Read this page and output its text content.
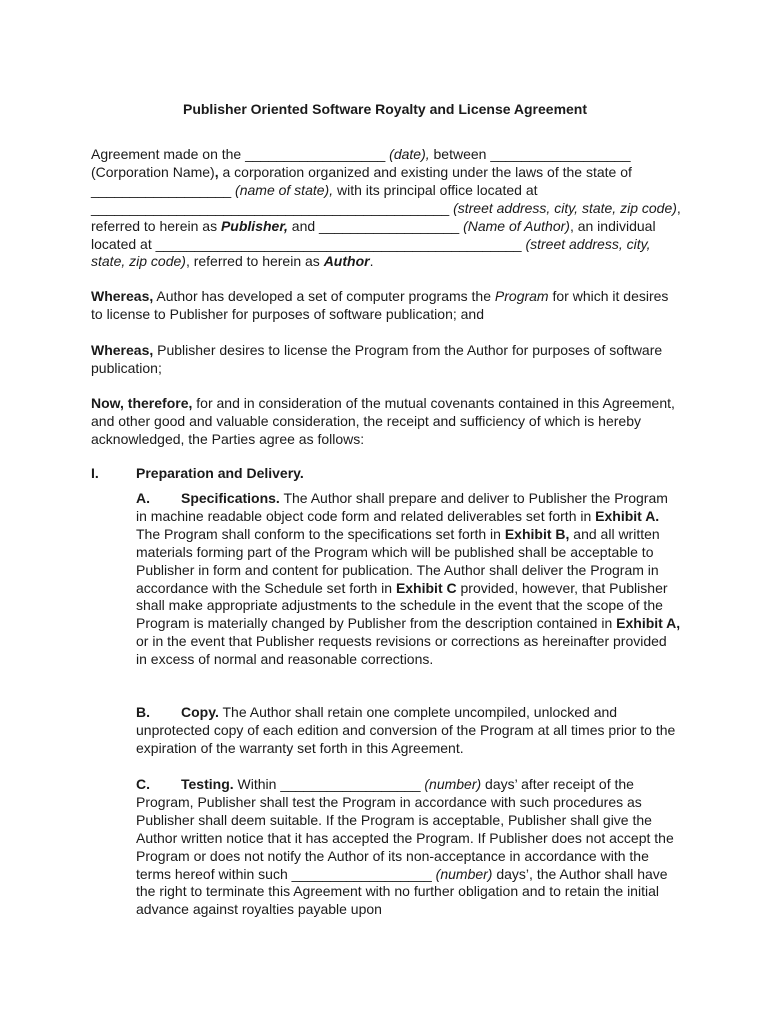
Publisher Oriented Software Royalty and License Agreement

Agreement made on the __________________ (date), between __________________ (Corporation Name), a corporation organized and existing under the laws of the state of __________________ (name of state), with its principal office located at ______________________________________________ (street address, city, state, zip code), referred to herein as Publisher, and __________________ (Name of Author), an individual located at _______________________________________________ (street address, city, state, zip code), referred to herein as Author.

Whereas, Author has developed a set of computer programs the Program for which it desires to license to Publisher for purposes of software publication; and

Whereas, Publisher desires to license the Program from the Author for purposes of software publication;

Now, therefore, for and in consideration of the mutual covenants contained in this Agreement, and other good and valuable consideration, the receipt and sufficiency of which is hereby acknowledged, the Parties agree as follows:

I.	Preparation and Delivery.

A. Specifications. The Author shall prepare and deliver to Publisher the Program in machine readable object code form and related deliverables set forth in Exhibit A. The Program shall conform to the specifications set forth in Exhibit B, and all written materials forming part of the Program which will be published shall be acceptable to Publisher in form and content for publication. The Author shall deliver the Program in accordance with the Schedule set forth in Exhibit C provided, however, that Publisher shall make appropriate adjustments to the schedule in the event that the scope of the Program is materially changed by Publisher from the description contained in Exhibit A, or in the event that Publisher requests revisions or corrections as hereinafter provided in excess of normal and reasonable corrections.

B. Copy. The Author shall retain one complete uncompiled, unlocked and unprotected copy of each edition and conversion of the Program at all times prior to the expiration of the warranty set forth in this Agreement.

C. Testing. Within __________________ (number) days’ after receipt of the Program, Publisher shall test the Program in accordance with such procedures as Publisher shall deem suitable. If the Program is acceptable, Publisher shall give the Author written notice that it has accepted the Program. If Publisher does not accept the Program or does not notify the Author of its non-acceptance in accordance with the terms hereof within such __________________ (number) days’, the Author shall have the right to terminate this Agreement with no further obligation and to retain the initial advance against royalties payable upon
